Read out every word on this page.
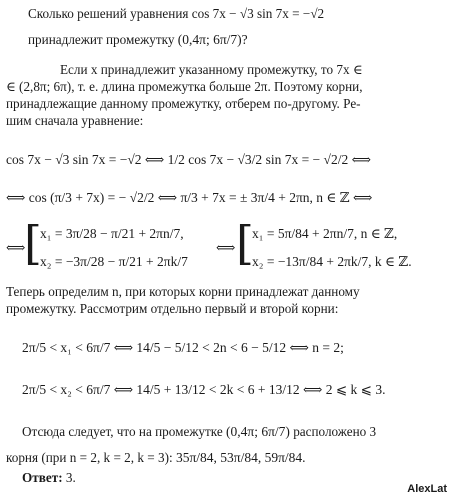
Сколько решений уравнения cos 7x − √3 sin 7x = −√2
принадлежит промежутку (0,4π; 6π/7)?
Если x принадлежит указанному промежутку, то 7x ∈
∈ (2,8π; 6π), т. е. длина промежутка больше 2π. Поэтому корни,
принадлежащие данному промежутку, отберем по-другому. Ре-
шим сначала уравнение:
cos 7x − √3 sin 7x = −√2 ⟺ 1/2 cos 7x − √3/2 sin 7x = − √2/2 ⟺
⟺ cos (π/3 + 7x) = − √2/2 ⟺ π/3 + 7x = ± 3π/4 + 2πn, n ∈ ℤ ⟺
⟺
[
x₁ = 3π/28 − π/21 + 2πn/7,
x₂ = −3π/28 − π/21 + 2πk/7
⟺ [
x₁ = 5π/84 + 2πn/7, n ∈ ℤ,
x₂ = −13π/84 + 2πk/7, k ∈ ℤ.
Теперь определим n, при которых корни принадлежат данному
промежутку. Рассмотрим отдельно первый и второй корни:
2π/5 < x₁ < 6π/7 ⟺ 14/5 − 5/12 < 2n < 6 − 5/12 ⟺ n = 2;
2π/5 < x₂ < 6π/7 ⟺ 14/5 + 13/12 < 2k < 6 + 13/12 ⟺ 2 ⩽ k ⩽ 3.
Отсюда следует, что на промежутке (0,4π; 6π/7) расположено 3
корня (при n = 2, k = 2, k = 3): 35π/84, 53π/84, 59π/84.
Ответ: 3.
AlexLat
